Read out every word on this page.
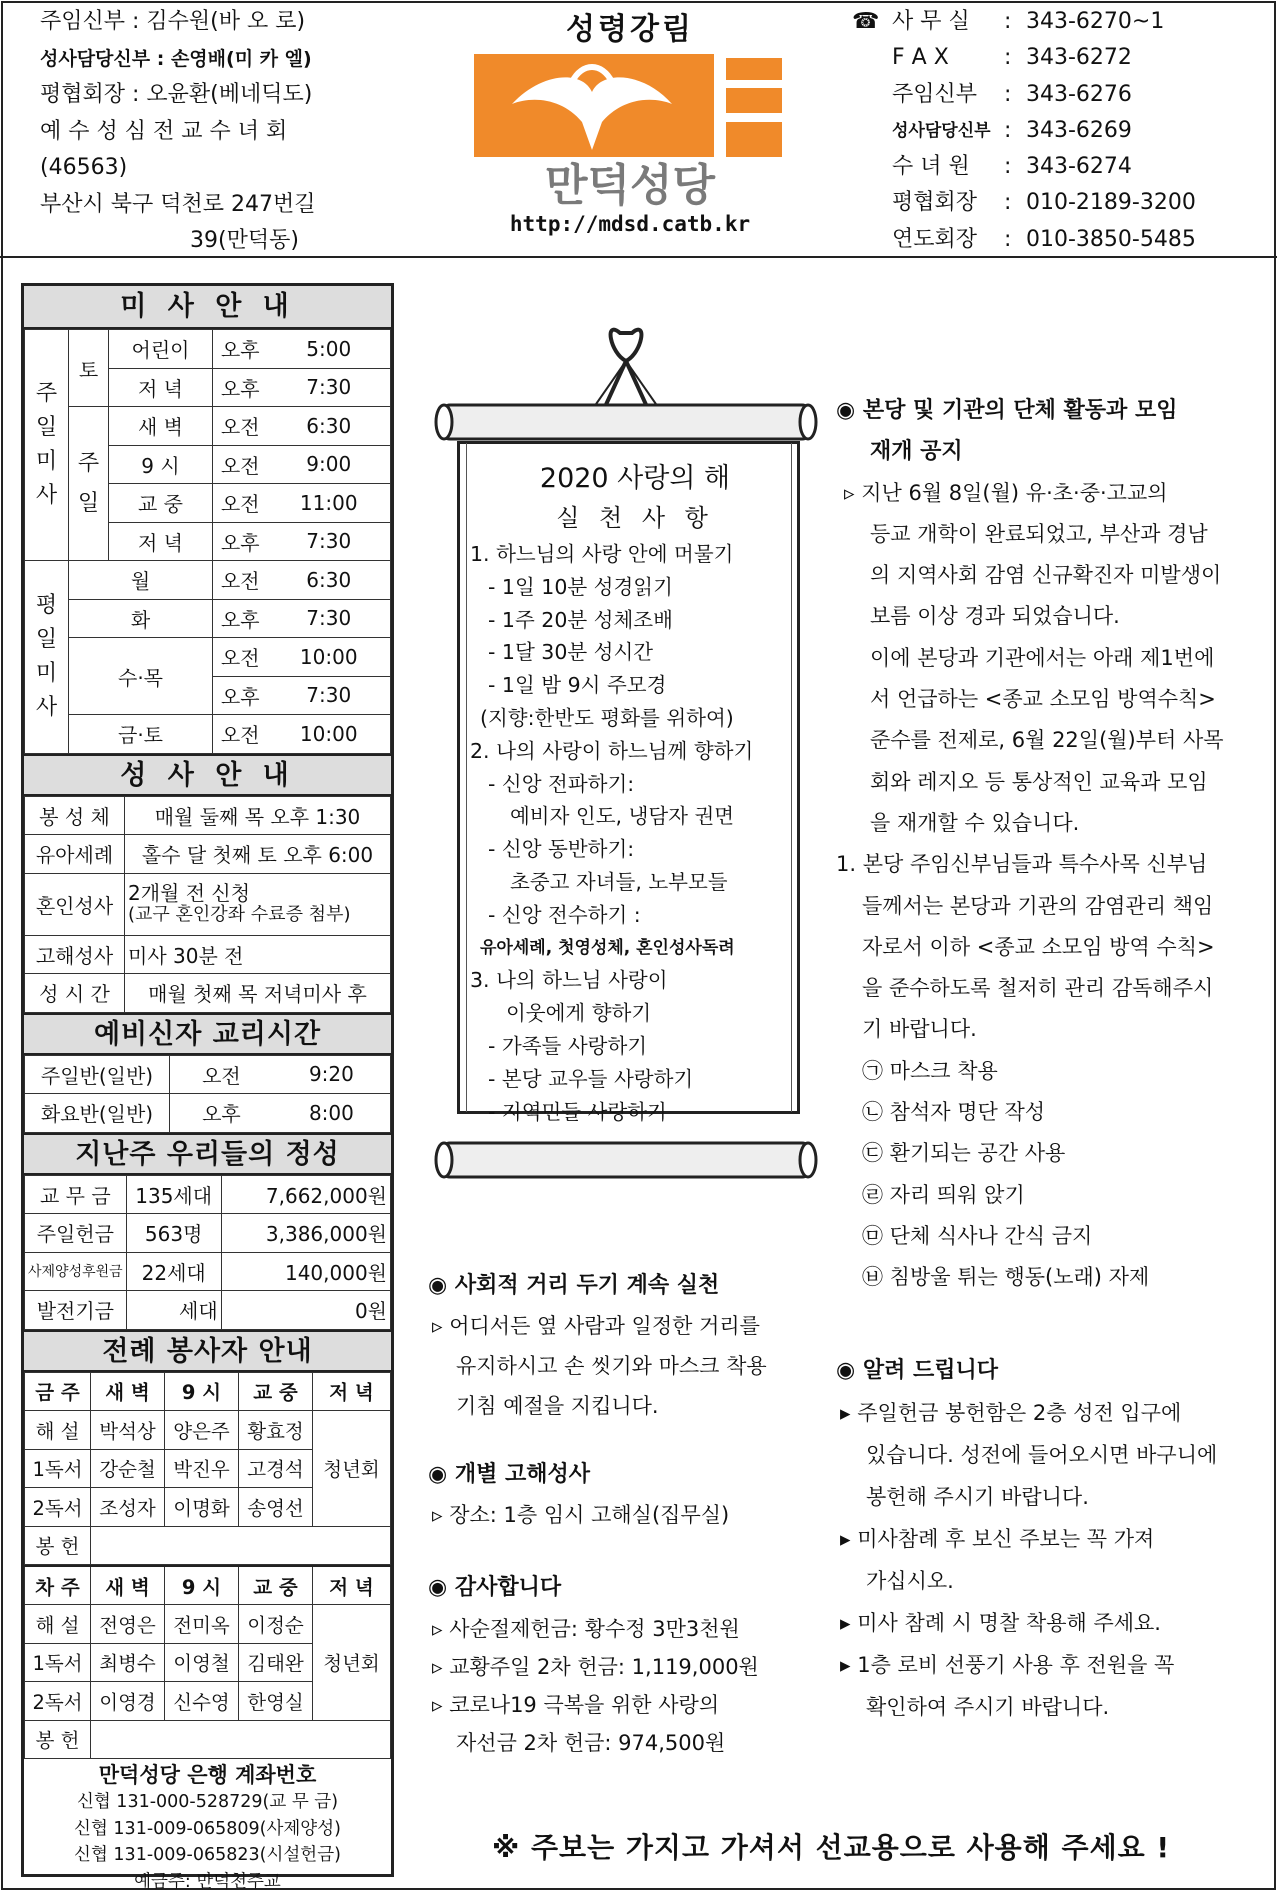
주임신부 : 김수원(바 오 로)
성사담당신부 : 손영배(미 카 엘)
평협회장 : 오윤환(베네딕도)
예 수 성 심 전 교 수 녀 회
(46563)
부산시 북구 덕천로 247번길
39(만덕동)
성령강림
만덕성당
http://mdsd.catb.kr
☎ 사 무 실	: 343-6270~1
F A X	: 343-6272
주임신부	: 343-6276
성사담당신부 : 343-6269
수 녀 원	: 343-6274
평협회장	: 010-2189-3200
연도회장	: 010-3850-5485
미 사 안 내
주일미사	토	어린이	오후	5:00
		저 녁	오후	7:30
	주일	새 벽	오전	6:30
		9 시	오전	9:00
		교 중	오전	11:00
		저 녁	오후	7:30
평일미사	월		오전	6:30
	화		오후	7:30
	수·목		오전	10:00
			오후	7:30
	금·토		오전	10:00
성 사 안 내
봉 성 체	매월 둘째 목 오후 1:30
유아세례	홀수 달 첫째 토 오후 6:00
혼인성사	2개월 전 신청
(교구 혼인강좌 수료증 첨부)

고해성사	미사 30분 전
성 시 간	매월 첫째 목 저녁미사 후
예비신자 교리시간
주일반(일반)	오전	9:20
화요반(일반)	오후	8:00
지난주 우리들의 정성
교 무 금	135세대	7,662,000원
주일헌금	563명	3,386,000원
사제양성후원금	22세대	140,000원
발전기금	세대	0원
전례 봉사자 안내
금 주	새 벽	9 시	교 중	저 녁
해 설	박석상	양은주	황효정	청년회
1독서	강순철	박진우	고경석	
2독서	조성자	이명화	송영선	
봉 헌				
차 주	새 벽	9 시	교 중	저 녁
해 설	전영은	전미옥	이정순	청년회
1독서	최병수	이영철	김태완	
2독서	이영경	신수영	한영실	
봉 헌				
만덕성당 은행 계좌번호
신협 131-000-528729(교 무 금)
신협 131-009-065809(사제양성)
신협 131-009-065823(시설헌금)
예금주: 만덕천주교
2020 사랑의 해
실 천 사 항
1. 하느님의 사랑 안에 머물기
- 1일 10분 성경읽기
- 1주 20분 성체조배
- 1달 30분 성시간
- 1일 밤 9시 주모경
(지향:한반도 평화를 위하여)
2. 나의 사랑이 하느님께 향하기
- 신앙 전파하기:
예비자 인도, 냉담자 권면
- 신앙 동반하기:
초중고 자녀들, 노부모들
- 신앙 전수하기 :
유아세례, 첫영성체, 혼인성사독려
3. 나의 하느님 사랑이
이웃에게 향하기
- 가족들 사랑하기
- 본당 교우들 사랑하기
- 지역민들 사랑하기
◉ 본당 및 기관의 단체 활동과 모임
재개 공지
▹ 지난 6월 8일(월) 유·초·중·고교의
등교 개학이 완료되었고, 부산과 경남
의 지역사회 감염 신규확진자 미발생이
보름 이상 경과 되었습니다.
이에 본당과 기관에서는 아래 제1번에
서 언급하는 <종교 소모임 방역수칙>
준수를 전제로, 6월 22일(월)부터 사목
회와 레지오 등 통상적인 교육과 모임
을 재개할 수 있습니다.
1. 본당 주임신부님들과 특수사목 신부님
들께서는 본당과 기관의 감염관리 책임
자로서 이하 <종교 소모임 방역 수칙>
을 준수하도록 철저히 관리 감독해주시
기 바랍니다.
㉠ 마스크 착용
㉡ 참석자 명단 작성
㉢ 환기되는 공간 사용
㉣ 자리 띄워 앉기
㉤ 단체 식사나 간식 금지
㉥ 침방울 튀는 행동(노래) 자제
◉ 알려 드립니다
▸ 주일헌금 봉헌함은 2층 성전 입구에
있습니다. 성전에 들어오시면 바구니에
봉헌해 주시기 바랍니다.
▸ 미사참례 후 보신 주보는 꼭 가져
가십시오.
▸ 미사 참례 시 명찰 착용해 주세요.
▸ 1층 로비 선풍기 사용 후 전원을 꼭
확인하여 주시기 바랍니다.
◉ 사회적 거리 두기 계속 실천
▹ 어디서든 옆 사람과 일정한 거리를
유지하시고 손 씻기와 마스크 착용
기침 예절을 지킵니다.
◉ 개별 고해성사
▹ 장소: 1층 임시 고해실(집무실)
◉ 감사합니다
▹ 사순절제헌금: 황수정 3만3천원
▹ 교황주일 2차 헌금: 1,119,000원
▹ 코로나19 극복을 위한 사랑의
자선금 2차 헌금: 974,500원
※ 주보는 가지고 가셔서 선교용으로 사용해 주세요 !
